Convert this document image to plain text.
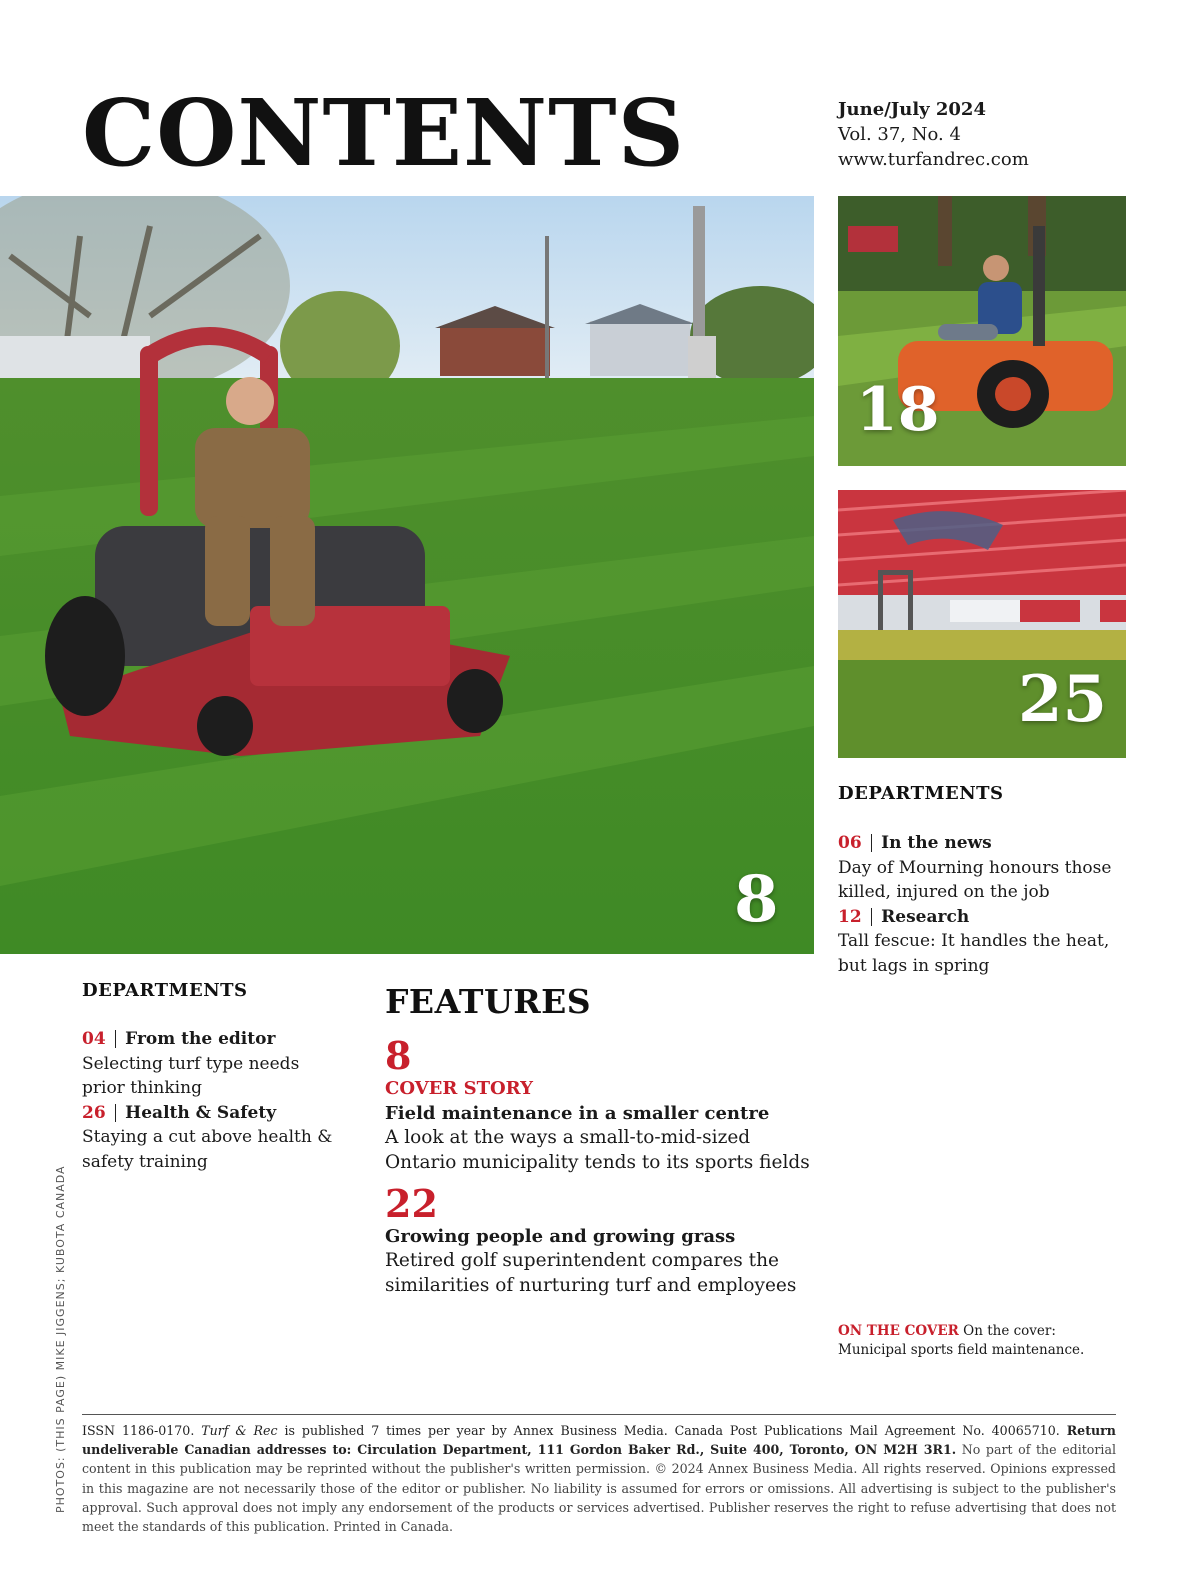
CONTENTS	June/July 2024
Vol. 37, No. 4
www.turfandrec.com
8
18
25
DEPARTMENTS
06 In the news
Day of Mourning honours those killed, injured on the job
12 Research
Tall fescue: It handles the heat, but lags in spring
DEPARTMENTS
04 From the editor
Selecting turf type needs prior thinking
26 Health & Safety
Staying a cut above health & safety training
FEATURES
8
COVER STORY
Field maintenance in a smaller centre
A look at the ways a small-to-mid-sized Ontario municipality tends to its sports fields
22
Growing people and growing grass
Retired golf superintendent compares the similarities of nurturing turf and employees
ON THE COVER On the cover: Municipal sports field maintenance.
PHOTOS: (THIS PAGE) MIKE JIGGENS; KUBOTA CANADA ISSN 1186-0170. Turf & Rec is published 7 times per year by Annex Business Media. Canada Post Publications Mail Agreement No. 40065710. Return undeliverable Canadian addresses to: Circulation Department, 111 Gordon Baker Rd., Suite 400, Toronto, ON M2H 3R1. No part of the editorial content in this publication may be reprinted without the publisher's written permission. © 2024 Annex Business Media. All rights reserved. Opinions expressed in this magazine are not necessarily those of the editor or publisher. No liability is assumed for errors or omissions. All advertising is subject to the publisher's approval. Such approval does not imply any endorsement of the products or services advertised. Publisher reserves the right to refuse advertising that does not meet the standards of this publication. Printed in Canada.
